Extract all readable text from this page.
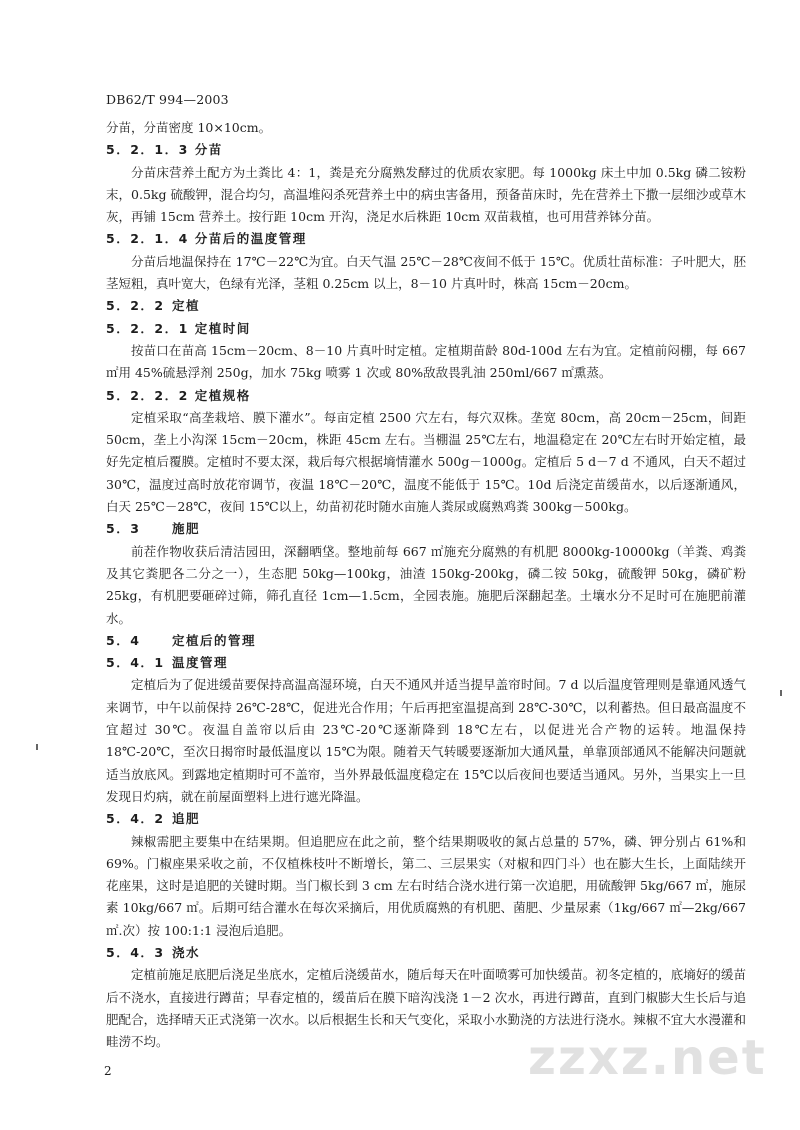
DB62/T 994—2003

分苗，分苗密度 10×10cm。

5．2．1．3 分苗

分苗床营养土配方为土粪比 4：1，粪是充分腐熟发酵过的优质农家肥。每 1000kg 床土中加 0.5kg 磷二铵粉末，0.5kg 硫酸钾，混合均匀，高温堆闷杀死营养土中的病虫害备用，预备苗床时，先在营养土下撒一层细沙或草木灰，再铺 15cm 营养土。按行距 10cm 开沟，浇足水后株距 10cm 双苗栽植，也可用营养钵分苗。

5．2．1．4 分苗后的温度管理

分苗后地温保持在 17℃－22℃为宜。白天气温 25℃－28℃夜间不低于 15℃。优质壮苗标准：子叶肥大，胚茎短粗，真叶宽大，色绿有光泽，茎粗 0.25cm 以上，8－10 片真叶时，株高 15cm－20cm。

5．2．2 定植
5．2．2．1 定植时间

按苗口在苗高 15cm－20cm、8－10 片真叶时定植。定植期苗龄 80d-100d 左右为宜。定植前闷棚，每 667 ㎡用 45%硫悬浮剂 250g，加水 75kg 喷雾 1 次或 80%敌敌畏乳油 250ml/667 ㎡熏蒸。

5．2．2．2 定植规格

定植采取“高垄栽培、膜下灌水”。每亩定植 2500 穴左右，每穴双株。垄宽 80cm，高 20cm－25cm，间距 50cm，垄上小沟深 15cm－20cm，株距 45cm 左右。当棚温 25℃左右，地温稳定在 20℃左右时开始定植，最好先定植后覆膜。定植时不要太深，栽后每穴根据墒情灌水 500g－1000g。定植后 5 d－7 d 不通风，白天不超过 30℃，温度过高时放花帘调节，夜温 18℃－20℃，温度不能低于 15℃。10d 后浇定苗缓苗水，以后逐渐通风，白天 25℃－28℃，夜间 15℃以上，幼苗初花时随水亩施人粪尿或腐熟鸡粪 300kg－500kg。

5．3	施肥

前茬作物收获后清洁园田，深翻晒垡。整地前每 667 ㎡施充分腐熟的有机肥 8000kg-10000kg（羊粪、鸡粪及其它粪肥各二分之一），生态肥 50kg—100kg，油渣 150kg-200kg，磷二铵 50kg，硫酸钾 50kg，磷矿粉 25kg，有机肥要砸碎过筛，筛孔直径 1cm—1.5cm，全园表施。施肥后深翻起垄。土壤水分不足时可在施肥前灌水。

5．4	定植后的管理
5．4．1 温度管理

定植后为了促进缓苗要保持高温高湿环境，白天不通风并适当提早盖帘时间。7 d 以后温度管理则是靠通风透气来调节，中午以前保持 26℃-28℃，促进光合作用；午后再把室温提高到 28℃-30℃，以利蓄热。但日最高温度不宜超过 30℃。夜温自盖帘以后由 23℃-20℃逐渐降到 18℃左右，以促进光合产物的运转。地温保持 18℃-20℃，至次日揭帘时最低温度以 15℃为限。随着天气转暖要逐渐加大通风量，单靠顶部通风不能解决问题就适当放底风。到露地定植期时可不盖帘，当外界最低温度稳定在 15℃以后夜间也要适当通风。另外，当果实上一旦发现日灼病，就在前屋面塑料上进行遮光降温。

5．4．2 追肥

辣椒需肥主要集中在结果期。但追肥应在此之前，整个结果期吸收的氮占总量的 57%，磷、钾分别占 61%和 69%。门椒座果采收之前，不仅植株枝叶不断增长，第二、三层果实（对椒和四门斗）也在膨大生长，上面陆续开花座果，这时是追肥的关键时期。当门椒长到 3 cm 左右时结合浇水进行第一次追肥，用硫酸钾 5kg/667 ㎡，施尿素 10kg/667 ㎡。后期可结合灌水在每次采摘后，用优质腐熟的有机肥、菌肥、少量尿素（1kg/667 ㎡—2kg/667 ㎡.次）按 100:1:1 浸泡后追肥。

5．4．3 浇水

定植前施足底肥后浇足坐底水，定植后浇缓苗水，随后每天在叶面喷雾可加快缓苗。初冬定植的，底墒好的缓苗后不浇水，直接进行蹲苗；早春定植的，缓苗后在膜下暗沟浅浇 1－2 次水，再进行蹲苗，直到门椒膨大生长后与追肥配合，选择晴天正式浇第一次水。以后根据生长和天气变化，采取小水勤浇的方法进行浇水。辣椒不宜大水漫灌和畦涝不均。

2	zzxz.net
